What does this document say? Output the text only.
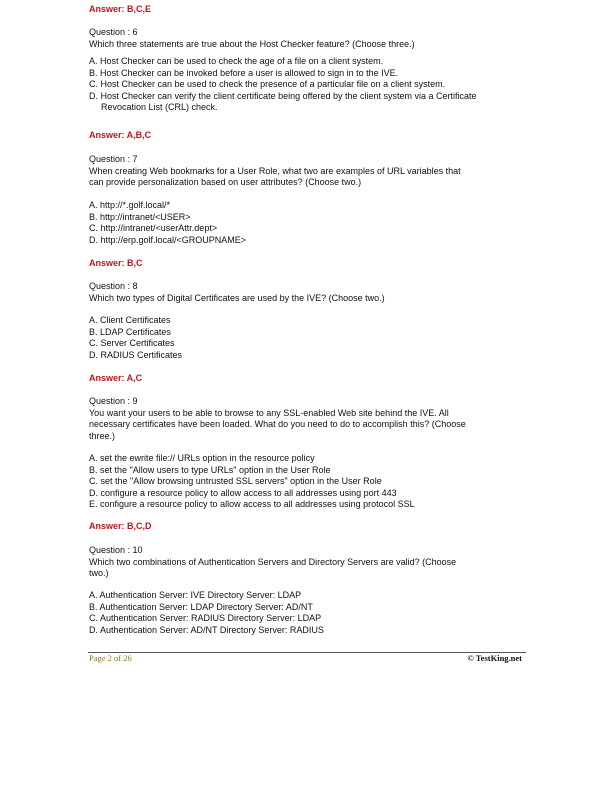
Answer: B,C,E
Question : 6
Which three statements are true about the Host Checker feature? (Choose three.)
A. Host Checker can be used to check the age of a file on a client system.
B. Host Checker can be invoked before a user is allowed to sign in to the IVE.
C. Host Checker can be used to check the presence of a particular file on a client system.
D. Host Checker can verify the client certificate being offered by the client system via a Certificate
Revocation List (CRL) check.
Answer: A,B,C
Question : 7
When creating Web bookmarks for a User Role, what two are examples of URL variables that
can provide personalization based on user attributes? (Choose two.)
A. http://*.golf.local/*
B. http://intranet/<USER>
C. http://intranet/<userAttr.dept>
D. http://erp.golf.local/<GROUPNAME>
Answer: B,C
Question : 8
Which two types of Digital Certificates are used by the IVE? (Choose two.)
A. Client Certificates
B. LDAP Certificates
C. Server Certificates
D. RADIUS Certificates
Answer: A,C
Question : 9
You want your users to be able to browse to any SSL-enabled Web site behind the IVE. All
necessary certificates have been loaded. What do you need to do to accomplish this? (Choose
three.)
A. set the ewrite file:// URLs option in the resource policy
B. set the "Allow users to type URLs" option in the User Role
C. set the "Allow browsing untrusted SSL servers" option in the User Role
D. configure a resource policy to allow access to all addresses using port 443
E. configure a resource policy to allow access to all addresses using protocol SSL
Answer: B,C,D
Question : 10
Which two combinations of Authentication Servers and Directory Servers are valid? (Choose
two.)
A. Authentication Server: IVE Directory Server: LDAP
B. Authentication Server: LDAP Directory Server: AD/NT
C. Authentication Server: RADIUS Directory Server: LDAP
D. Authentication Server: AD/NT Directory Server: RADIUS
Page 2 of 26	© TestKing.net
